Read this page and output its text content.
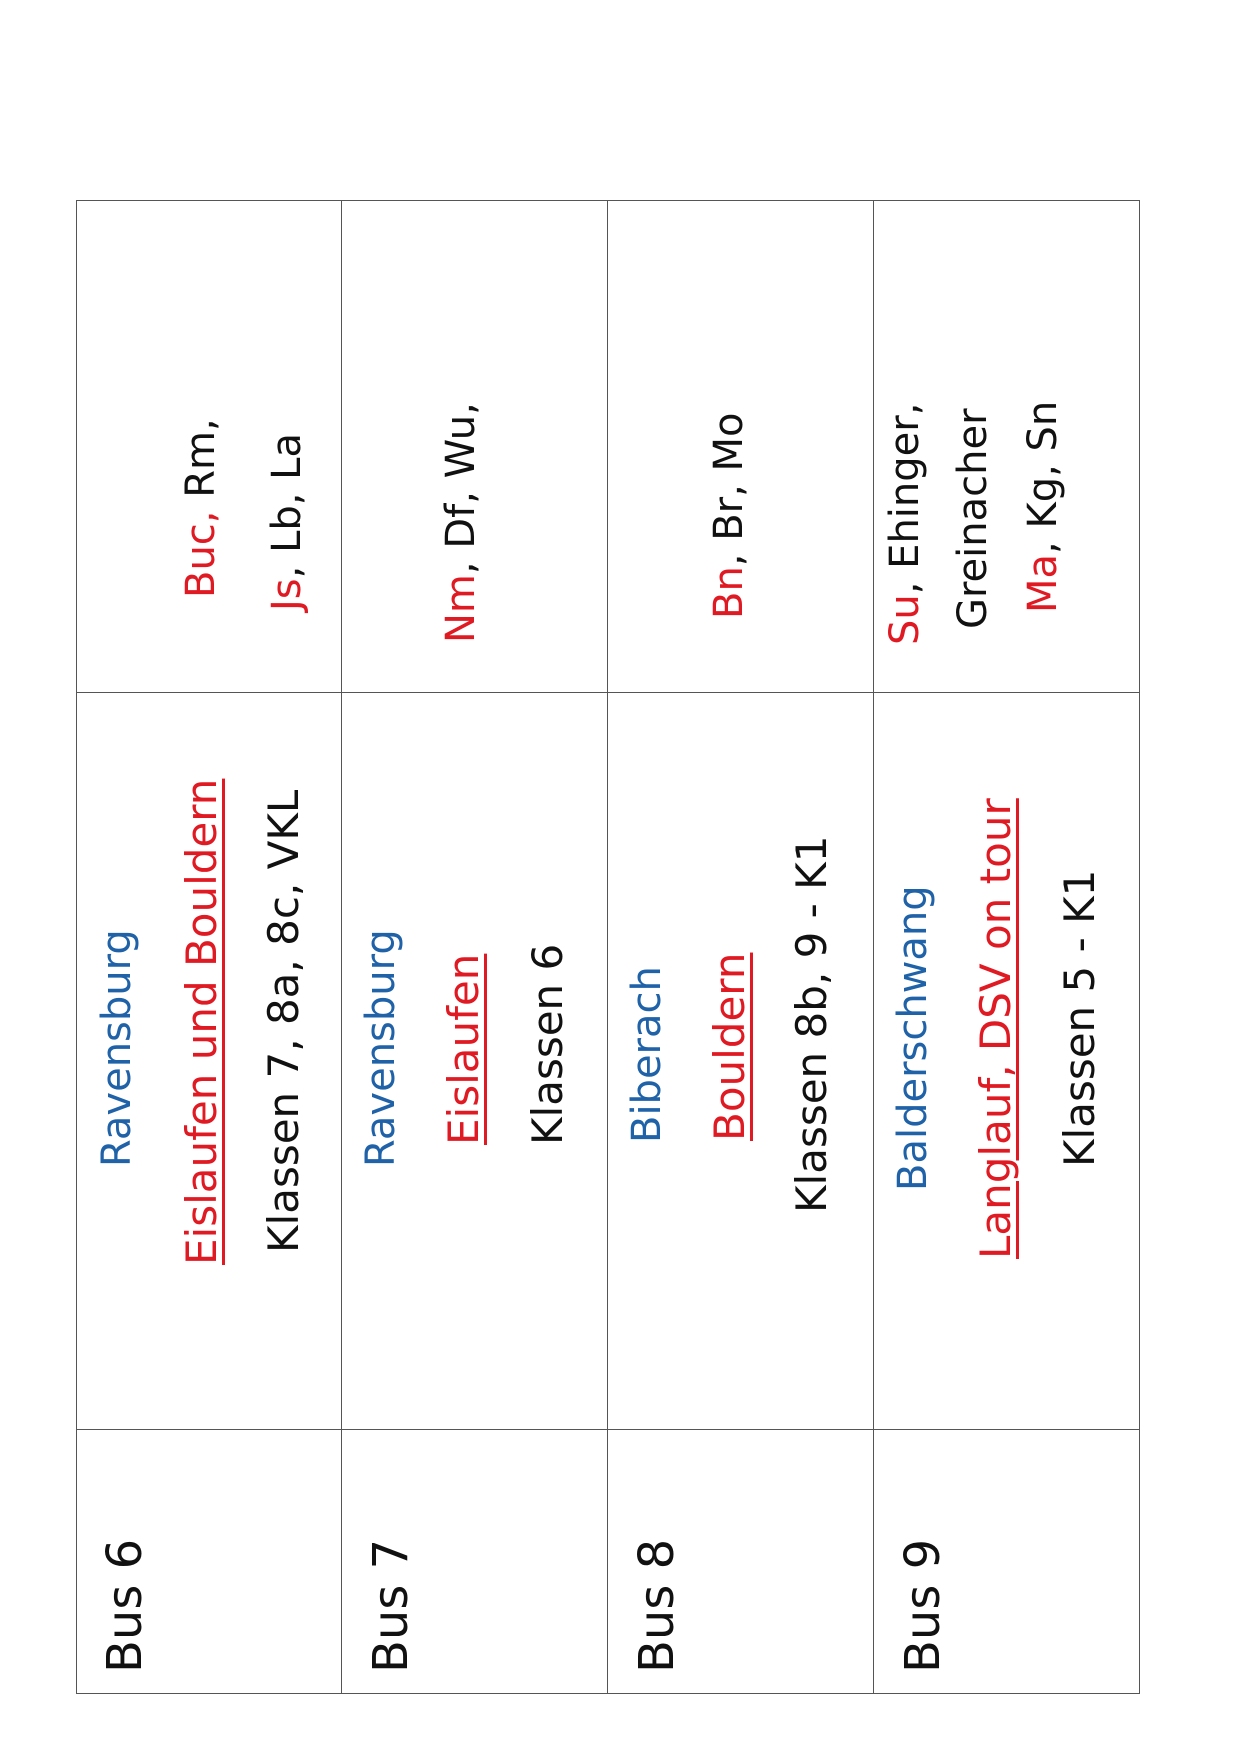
Bus 6
Ravensburg Eislaufen und Bouldern Klassen 7, 8a, 8c, VKL
Buc, Rm,
Js, Lb, La
Bus 7
Ravensburg Eislaufen Klassen 6
Nm, Df, Wu,
Bus 8
Biberach Bouldern Klassen 8b, 9 - K1
Bn, Br, Mo
Bus 9
Balderschwang Langlauf, DSV on tour Klassen 5 - K1
Su, Ehinger, Greinacher Ma, Kg, Sn
